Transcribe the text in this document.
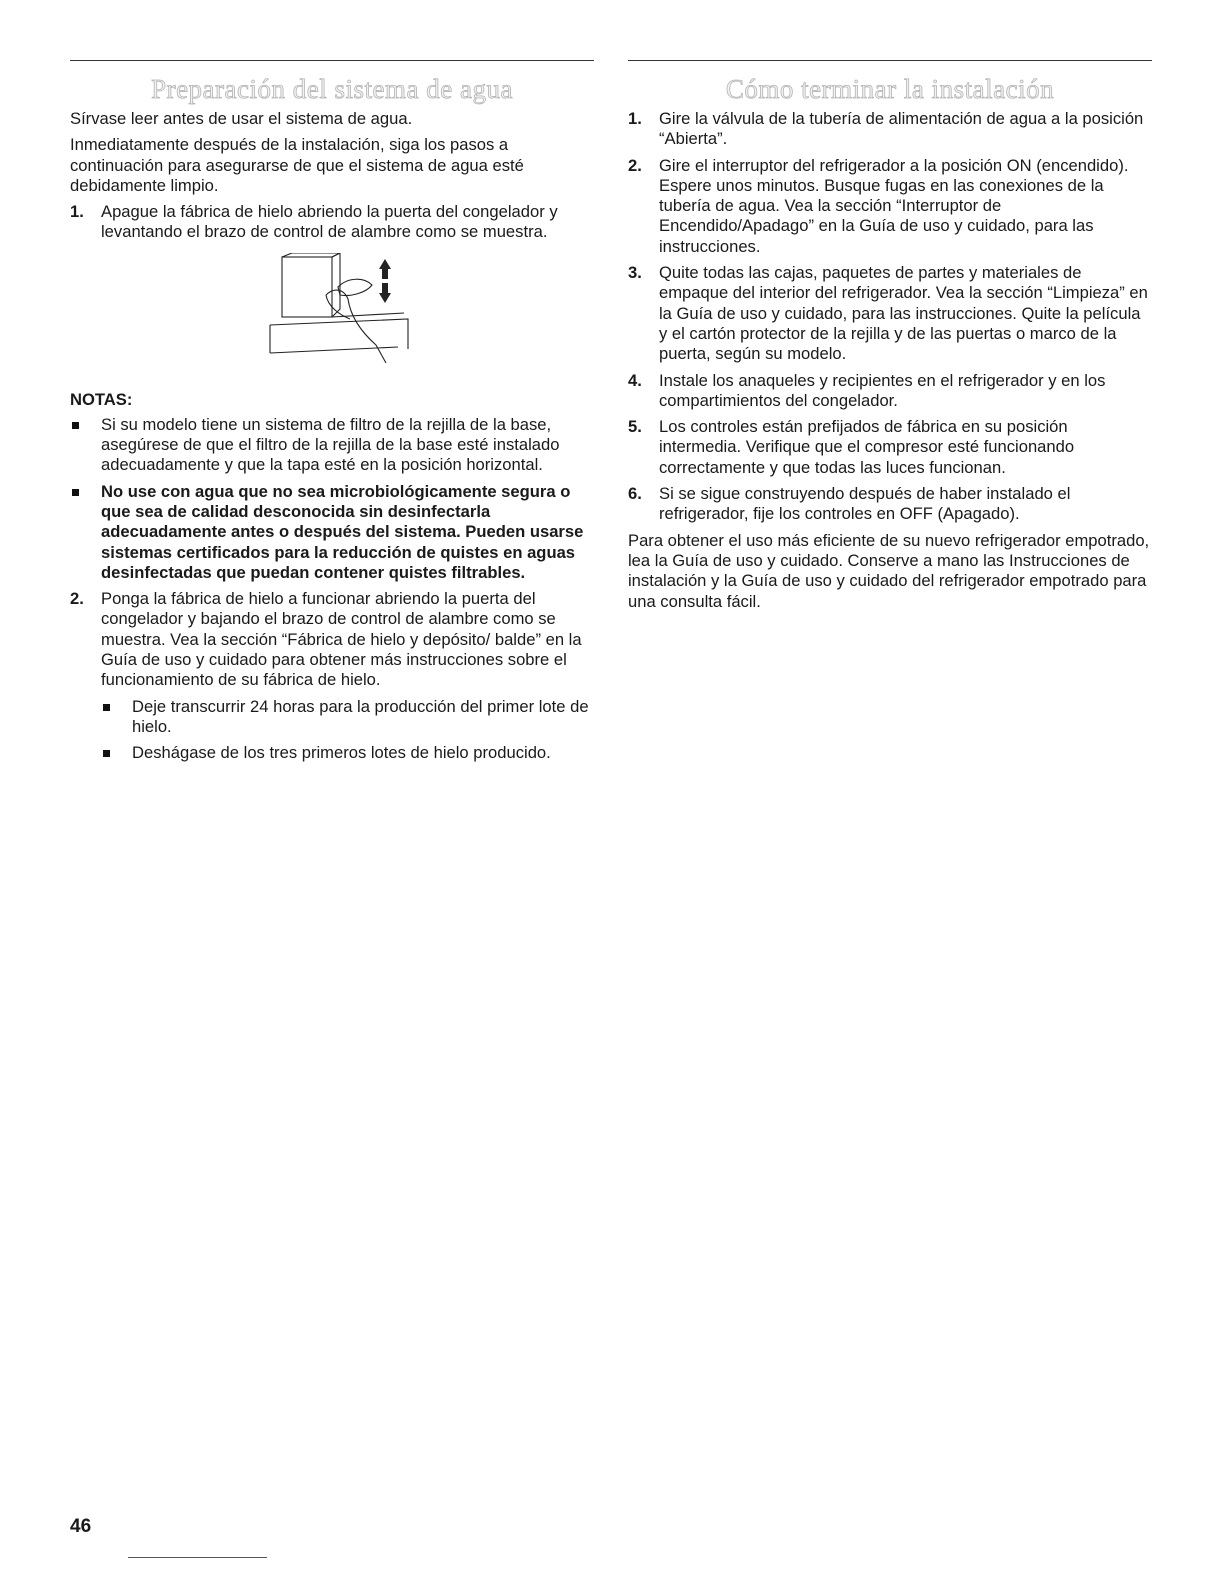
Preparación del sistema de agua

Sírvase leer antes de usar el sistema de agua.

Inmediatamente después de la instalación, siga los pasos a continuación para asegurarse de que el sistema de agua esté debidamente limpio.

1. Apague la fábrica de hielo abriendo la puerta del congelador y levantando el brazo de control de alambre como se muestra.
NOTAS:
Si su modelo tiene un sistema de filtro de la rejilla de la base, asegúrese de que el filtro de la rejilla de la base esté instalado adecuadamente y que la tapa esté en la posición horizontal.
No use con agua que no sea microbiológicamente segura o que sea de calidad desconocida sin desinfectarla adecuadamente antes o después del sistema. Pueden usarse sistemas certificados para la reducción de quistes en aguas desinfectadas que puedan contener quistes filtrables.
2. Ponga la fábrica de hielo a funcionar abriendo la puerta del congelador y bajando el brazo de control de alambre como se muestra. Vea la sección “Fábrica de hielo y depósito/ balde” en la Guía de uso y cuidado para obtener más instrucciones sobre el funcionamiento de su fábrica de hielo.
Deje transcurrir 24 horas para la producción del primer lote de hielo.
Deshágase de los tres primeros lotes de hielo producido.
Cómo terminar la instalación
1. Gire la válvula de la tubería de alimentación de agua a la posición “Abierta”.
2. Gire el interruptor del refrigerador a la posición ON (encendido). Espere unos minutos. Busque fugas en las conexiones de la tubería de agua. Vea la sección “Interruptor de Encendido/Apadago” en la Guía de uso y cuidado, para las instrucciones.
3. Quite todas las cajas, paquetes de partes y materiales de empaque del interior del refrigerador. Vea la sección “Limpieza” en la Guía de uso y cuidado, para las instrucciones. Quite la película y el cartón protector de la rejilla y de las puertas o marco de la puerta, según su modelo.
4. Instale los anaqueles y recipientes en el refrigerador y en los compartimientos del congelador.
5. Los controles están prefijados de fábrica en su posición intermedia. Verifique que el compresor esté funcionando correctamente y que todas las luces funcionan.
6. Si se sigue construyendo después de haber instalado el refrigerador, fije los controles en OFF (Apagado).

Para obtener el uso más eficiente de su nuevo refrigerador empotrado, lea la Guía de uso y cuidado. Conserve a mano las Instrucciones de instalación y la Guía de uso y cuidado del refrigerador empotrado para una consulta fácil.

46
